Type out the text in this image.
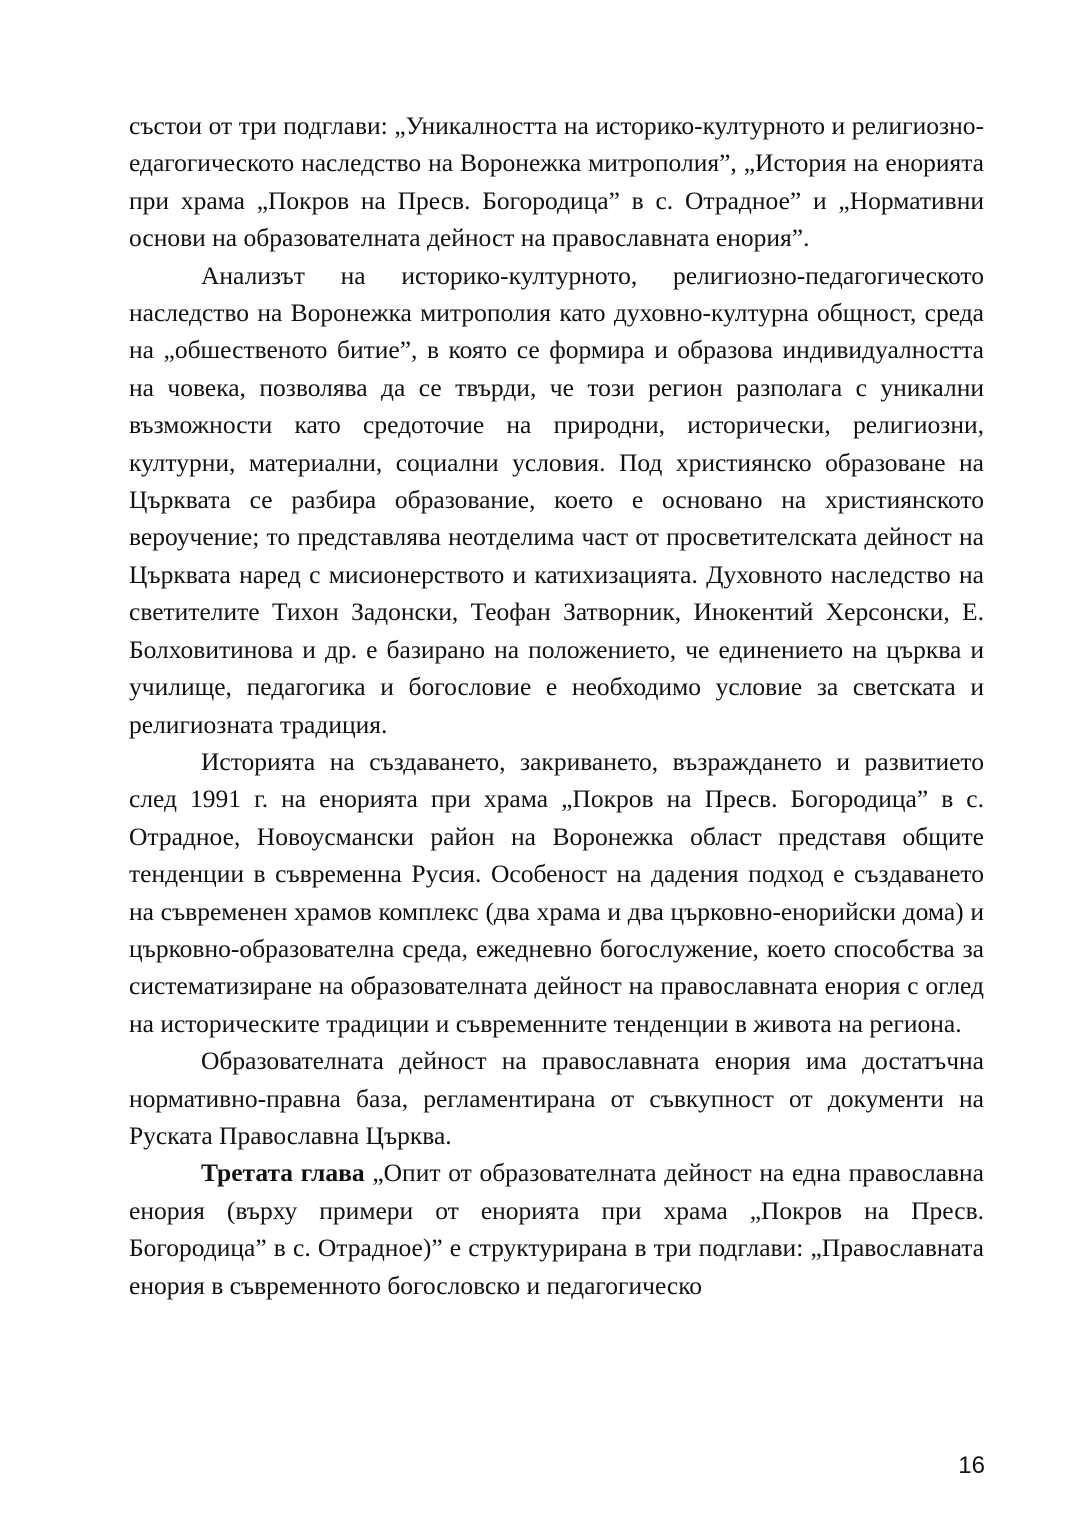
състои от три подглави: „Уникалността на историко-културното и религиозно-едагогическото наследство на Воронежка митрополия”, „История на енорията при храма „Покров на Пресв. Богородица” в с. Отрадное” и „Нормативни основи на образователната дейност на православната енория”.

Анализът на историко-културното, религиозно-педагогическото наследство на Воронежка митрополия като духовно-културна общност, среда на „обшественото битие”, в която се формира и образова индивидуалността на човека, позволява да се твърди, че този регион разполага с уникални възможности като средоточие на природни, исторически, религиозни, културни, материални, социални условия. Под християнско образоване на Църквата се разбира образование, което е основано на християнското вероучение; то представлява неотделима част от просветителската дейност на Църквата наред с мисионерството и катихизацията. Духовното наследство на светителите Тихон Задонски, Теофан Затворник, Инокентий Херсонски, Е. Болховитинова и др. е базирано на положението, че единението на църква и училище, педагогика и богословие е необходимо условие за светската и религиозната традиция.

Историята на създаването, закриването, възраждането и развитието след 1991 г. на енорията при храма „Покров на Пресв. Богородица” в с. Отрадное, Новоусмански район на Воронежка област представя общите тенденции в съвременна Русия. Особеност на дадения подход е създаването на съвременен храмов комплекс (два храма и два църковно-енорийски дома) и църковно-образователна среда, ежедневно богослужение, което способства за систематизиране на образователната дейност на православната енория с оглед на историческите традиции и съвременните тенденции в живота на региона.

Образователната дейност на православната енория има достатъчна нормативно-правна база, регламентирана от съвкупност от документи на Руската Православна Църква.

Третата глава „Опит от образователната дейност на една православна енория (върху примери от енорията при храма „Покров на Пресв. Богородица” в с. Отрадное)” е структурирана в три подглави: „Православната енория в съвременното богословско и педагогическо

16
